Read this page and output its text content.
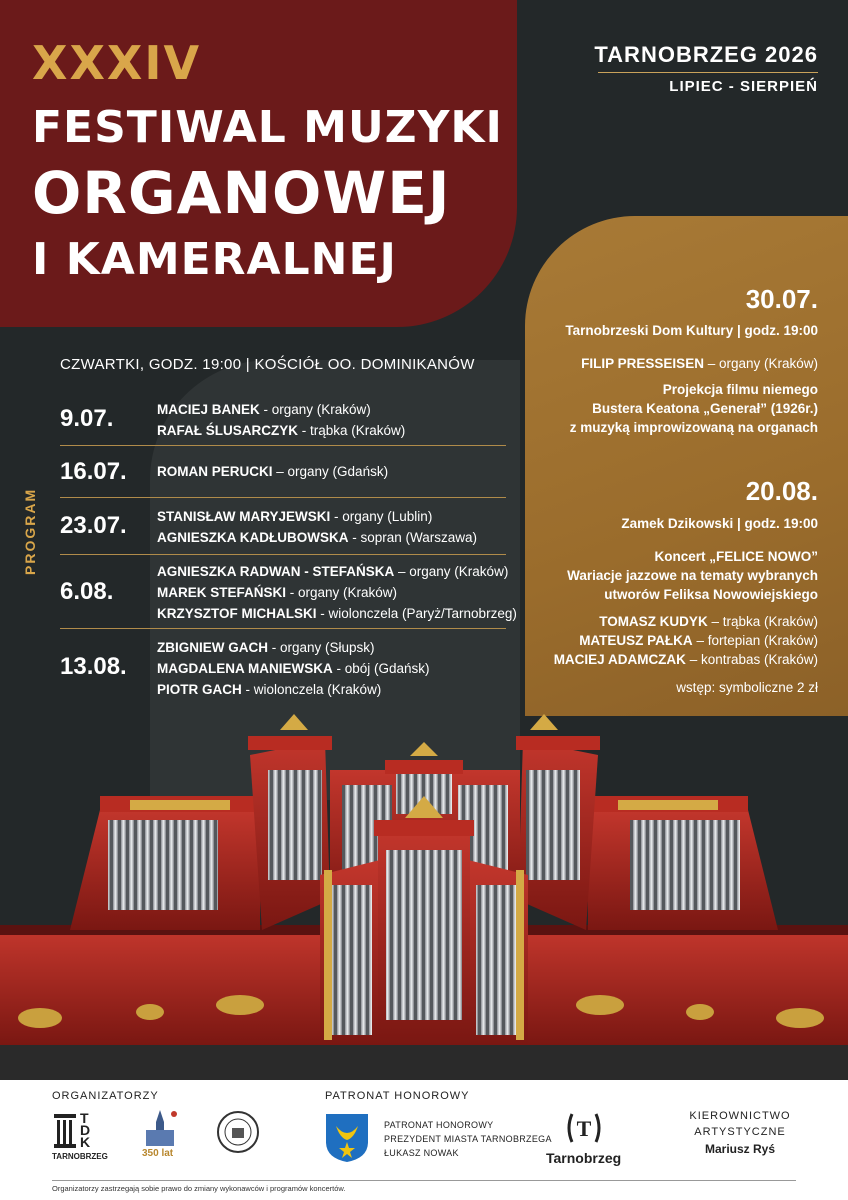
XXXIV
FESTIWAL MUZYKI
ORGANOWEJ
I KAMERALNEJ
TARNOBRZEG 2026
LIPIEC - SIERPIEŃ
CZWARTKI, GODZ. 19:00 | KOŚCIÓŁ OO. DOMINIKANÓW
PROGRAM
9.07.	MACIEJ BANEK - organy (Kraków)
RAFAŁ ŚLUSARCZYK - trąbka (Kraków)
16.07. ROMAN PERUCKI – organy (Gdańsk)
23.07. STANISŁAW MARYJEWSKI - organy (Lublin)
AGNIESZKA KADŁUBOWSKA - sopran (Warszawa)
6.08.
AGNIESZKA RADWAN - STEFAŃSKA – organy (Kraków)
MAREK STEFAŃSKI - organy (Kraków)
KRZYSZTOF MICHALSKI - wiolonczela (Paryż/Tarnobrzeg)
13.08.
ZBIGNIEW GACH - organy (Słupsk)
MAGDALENA MANIEWSKA - obój (Gdańsk)
PIOTR GACH - wiolonczela (Kraków)
30.07.
Tarnobrzeski Dom Kultury | godz. 19:00
FILIP PRESSEISEN – organy (Kraków)
Projekcja filmu niemego
Bustera Keatona „Generał” (1926r.)
z muzyką improwizowaną na organach
20.08.
Zamek Dzikowski | godz. 19:00
Koncert „FELICE NOWO”
Wariacje jazzowe na tematy wybranych
utworów Feliksa Nowowiejskiego
TOMASZ KUDYK – trąbka (Kraków)
MATEUSZ PAŁKA – fortepian (Kraków)
MACIEJ ADAMCZAK – kontrabas (Kraków)
wstęp: symboliczne 2 zł
ORGANIZATORZY
TDK
TARNOBRZEG	350 lat
PATRONAT HONOROWY
PATRONAT HONOROWY
PREZYDENT MIASTA TARNOBRZEGA
ŁUKASZ NOWAK
T
Tarnobrzeg
KIEROWNICTWO
ARTYSTYCZNE
Mariusz Ryś
Organizatorzy zastrzegają sobie prawo do zmiany wykonawców i programów koncertów.
